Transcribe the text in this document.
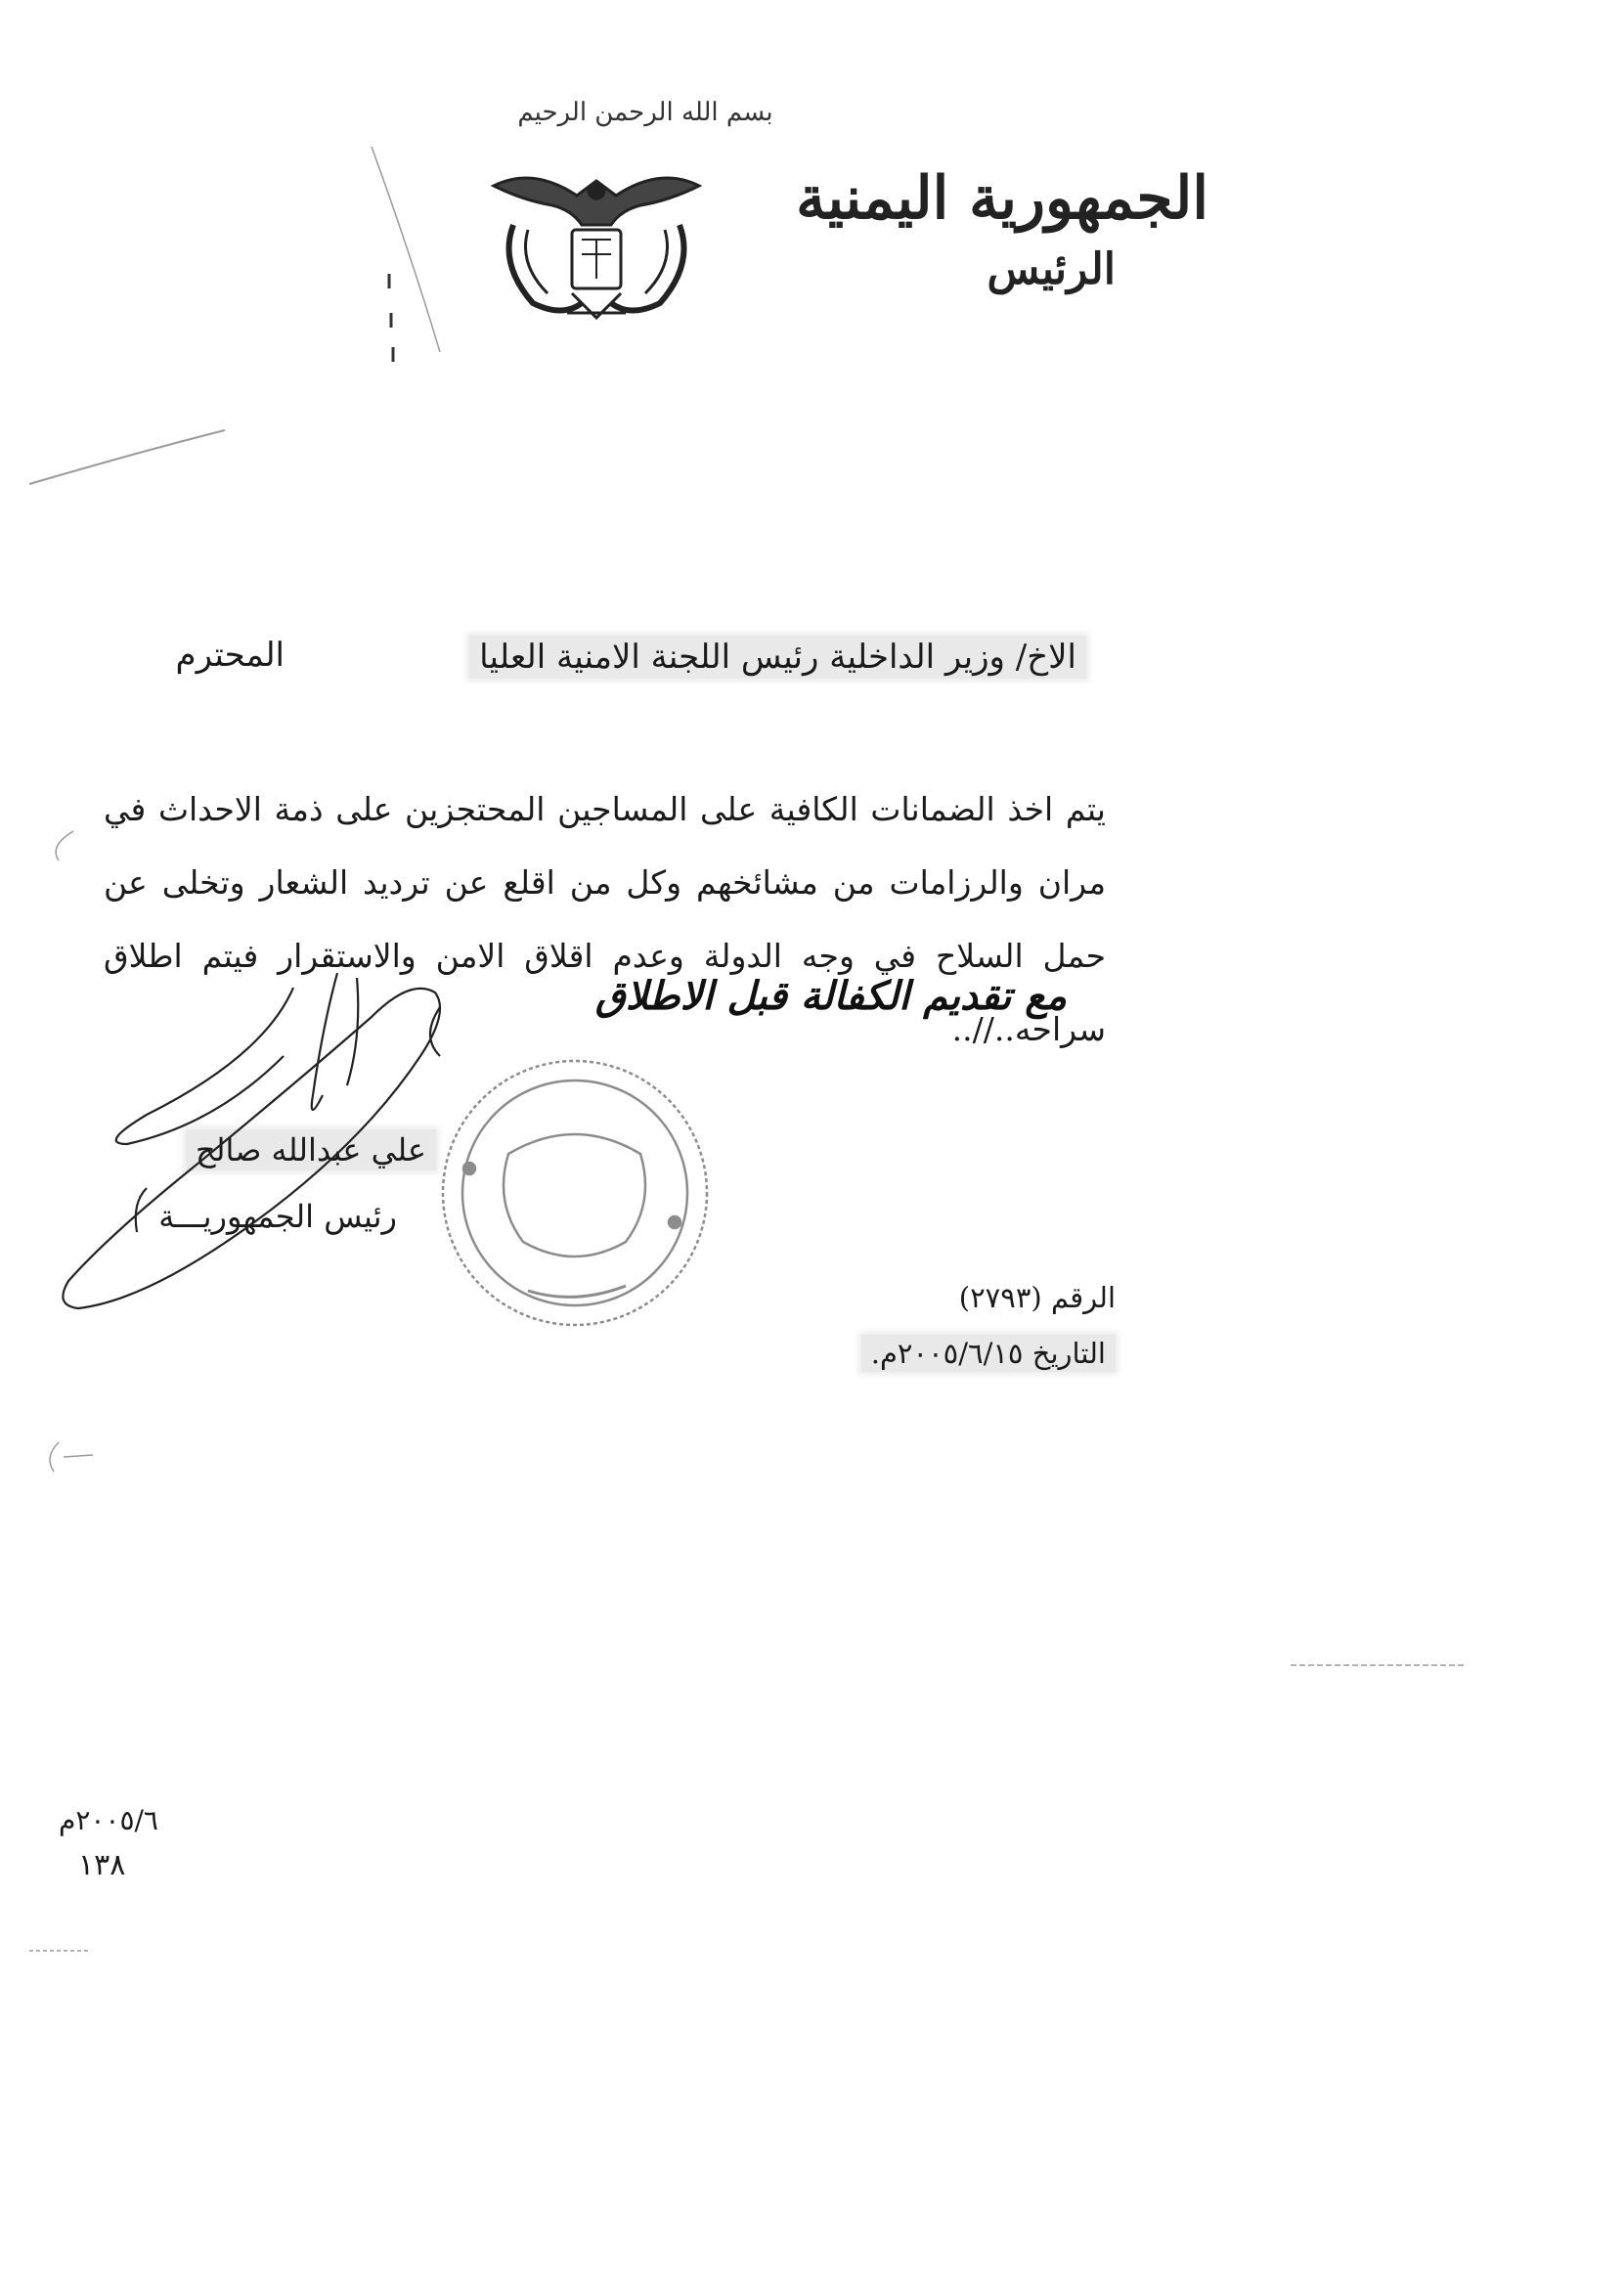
بسم الله الرحمن الرحيم
الجمهورية اليمنية
الرئيس
الاخ/ وزير الداخلية رئيس اللجنة الامنية العليا
المحترم
يتم اخذ الضمانات الكافية على المساجين المحتجزين على ذمة الاحداث في مران والرزامات من مشائخهم وكل من اقلع عن ترديد الشعار وتخلى عن حمل السلاح في وجه الدولة وعدم اقلاق الامن والاستقرار فيتم اطلاق سراحه..//..
مع تقديم الكفالة قبل الاطلاق
علي عبدالله صالح
رئيس الجمهوريـــة
الرقم (٢٧٩٣)
التاريخ ٢٠٠٥/٦/١٥م.
٢٠٠٥/٦م
١٣٨
